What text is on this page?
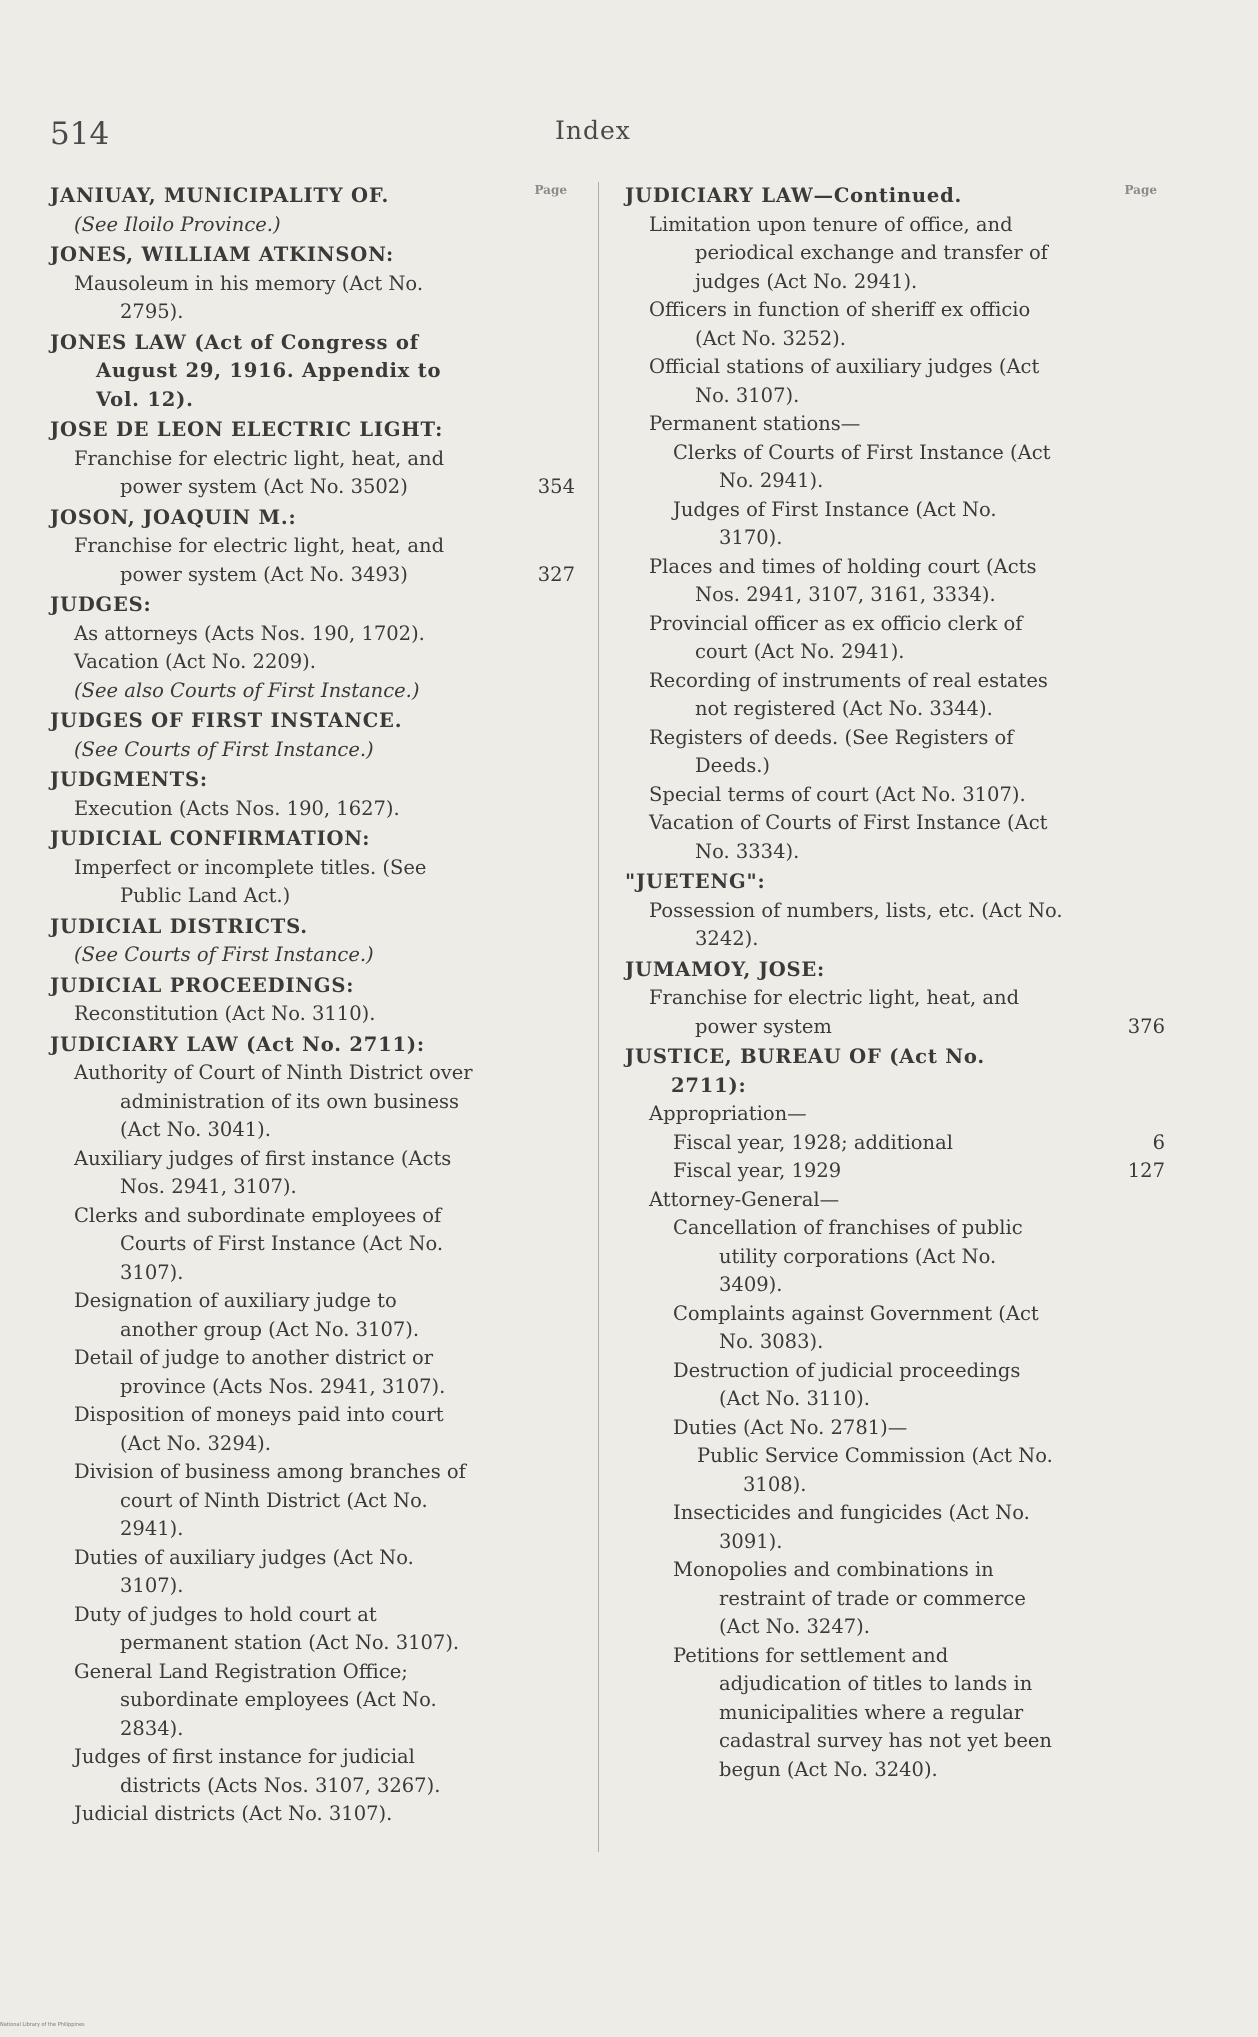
514	Index
Page
JANIUAY, MUNICIPALITY OF.
(See Iloilo Province.)
JONES, WILLIAM ATKINSON:
Mausoleum in his memory (Act No. 2795).
JONES LAW (Act of Congress of August 29, 1916. Appendix to Vol. 12).
JOSE DE LEON ELECTRIC LIGHT:
Franchise for electric light, heat, and power system (Act No. 3502)	354
JOSON, JOAQUIN M.:
Franchise for electric light, heat, and power system (Act No. 3493)	327
JUDGES:
As attorneys (Acts Nos. 190, 1702).
Vacation (Act No. 2209).
(See also Courts of First Instance.)
JUDGES OF FIRST INSTANCE.
(See Courts of First Instance.)
JUDGMENTS:
Execution (Acts Nos. 190, 1627).
JUDICIAL CONFIRMATION:
Imperfect or incomplete titles. (See Public Land Act.)
JUDICIAL DISTRICTS.
(See Courts of First Instance.)
JUDICIAL PROCEEDINGS:
Reconstitution (Act No. 3110).
JUDICIARY LAW (Act No. 2711):
Authority of Court of Ninth District over administration of its own business (Act No. 3041).
Auxiliary judges of first instance (Acts Nos. 2941, 3107).
Clerks and subordinate employees of Courts of First Instance (Act No. 3107).
Designation of auxiliary judge to another group (Act No. 3107).
Detail of judge to another district or province (Acts Nos. 2941, 3107).
Disposition of moneys paid into court (Act No. 3294).
Division of business among branches of court of Ninth District (Act No. 2941).
Duties of auxiliary judges (Act No. 3107).
Duty of judges to hold court at permanent station (Act No. 3107).
General Land Registration Office; subordinate employees (Act No. 2834).
Judges of first instance for judicial districts (Acts Nos. 3107, 3267).
Judicial districts (Act No. 3107).
Page
JUDICIARY LAW—Continued.
Limitation upon tenure of office, and periodical exchange and transfer of judges (Act No. 2941).
Officers in function of sheriff ex officio (Act No. 3252).
Official stations of auxiliary judges (Act No. 3107).
Permanent stations—
Clerks of Courts of First Instance (Act No. 2941).
Judges of First Instance (Act No. 3170).
Places and times of holding court (Acts Nos. 2941, 3107, 3161, 3334).
Provincial officer as ex officio clerk of court (Act No. 2941).
Recording of instruments of real estates not registered (Act No. 3344).
Registers of deeds. (See Registers of Deeds.)
Special terms of court (Act No. 3107).
Vacation of Courts of First Instance (Act No. 3334).
"JUETENG":
Possession of numbers, lists, etc. (Act No. 3242).
JUMAMOY, JOSE:
Franchise for electric light, heat, and power system	376
JUSTICE, BUREAU OF (Act No. 2711):
Appropriation—
Fiscal year, 1928; additional	6
Fiscal year, 1929	127
Attorney-General—
Cancellation of franchises of public utility corporations (Act No. 3409).
Complaints against Government (Act No. 3083).
Destruction of judicial proceedings (Act No. 3110).
Duties (Act No. 2781)—
Public Service Commission (Act No. 3108).
Insecticides and fungicides (Act No. 3091).
Monopolies and combinations in restraint of trade or commerce (Act No. 3247).
Petitions for settlement and adjudication of titles to lands in municipalities where a regular cadastral survey has not yet been begun (Act No. 3240).
National Library of the Philippines
